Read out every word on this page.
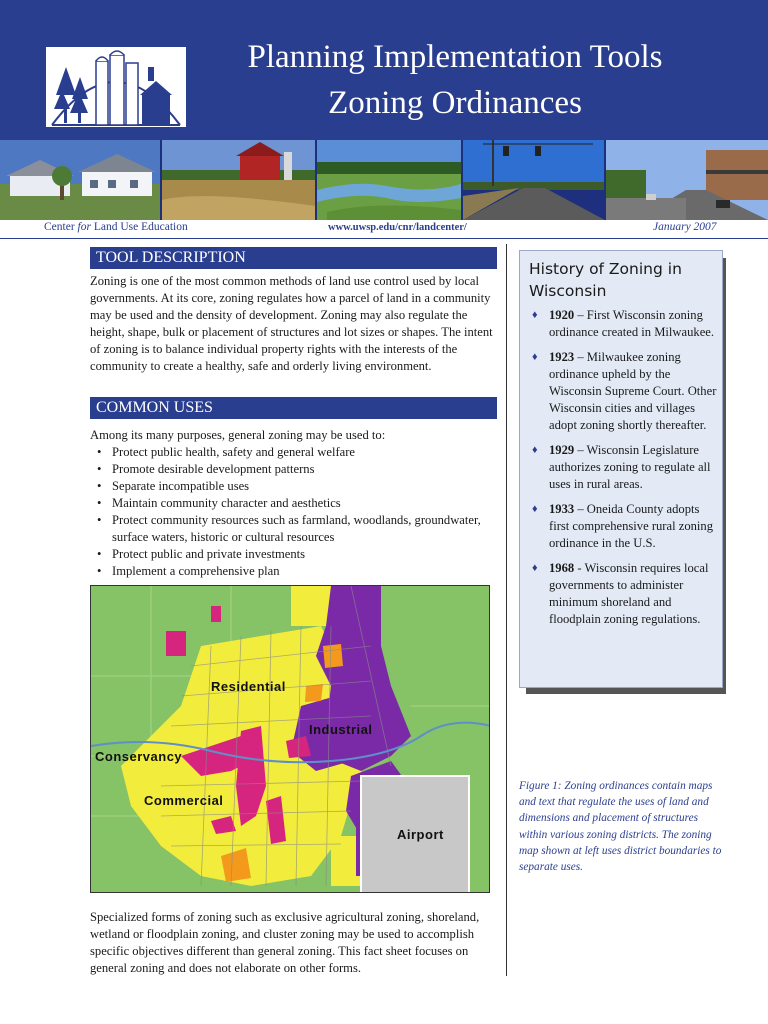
Planning Implementation Tools
Zoning Ordinances
Center for Land Use Education	www.uwsp.edu/cnr/landcenter/	January 2007
TOOL DESCRIPTION

Zoning is one of the most common methods of land use control used by local governments. At its core, zoning regulates how a parcel of land in a community may be used and the density of development. Zoning may also regulate the height, shape, bulk or placement of structures and lot sizes or shapes. The intent of zoning is to balance individual property rights with the interests of the community to create a healthy, safe and orderly living environment.

COMMON USES

Among its many purposes, general zoning may be used to:

• Protect public health, safety and general welfare
• Promote desirable development patterns
• Separate incompatible uses
• Maintain community character and aesthetics
• Protect community resources such as farmland, woodlands, groundwater, surface waters, historic or cultural resources
• Protect public and private investments
• Implement a comprehensive plan
Residential
Industrial
Conservancy
Commercial
Airport

Specialized forms of zoning such as exclusive agricultural zoning, shoreland, wetland or floodplain zoning, and cluster zoning may be used to accomplish specific objectives different than general zoning. This fact sheet focuses on general zoning and does not elaborate on other forms.

History of Zoning in Wisconsin
♦ 1920 – First Wisconsin zoning ordinance created in Milwaukee.
♦ 1923 – Milwaukee zoning ordinance upheld by the Wisconsin Supreme Court. Other Wisconsin cities and villages adopt zoning shortly thereafter.
♦ 1929 – Wisconsin Legislature authorizes zoning to regulate all uses in rural areas.
♦ 1933 – Oneida County adopts first comprehensive rural zoning ordinance in the U.S.
♦ 1968 - Wisconsin requires local governments to administer minimum shoreland and floodplain zoning regulations.
Figure 1: Zoning ordinances contain maps and text that regulate the uses of land and dimensions and placement of structures within various zoning districts. The zoning map shown at left uses district boundaries to separate uses.
